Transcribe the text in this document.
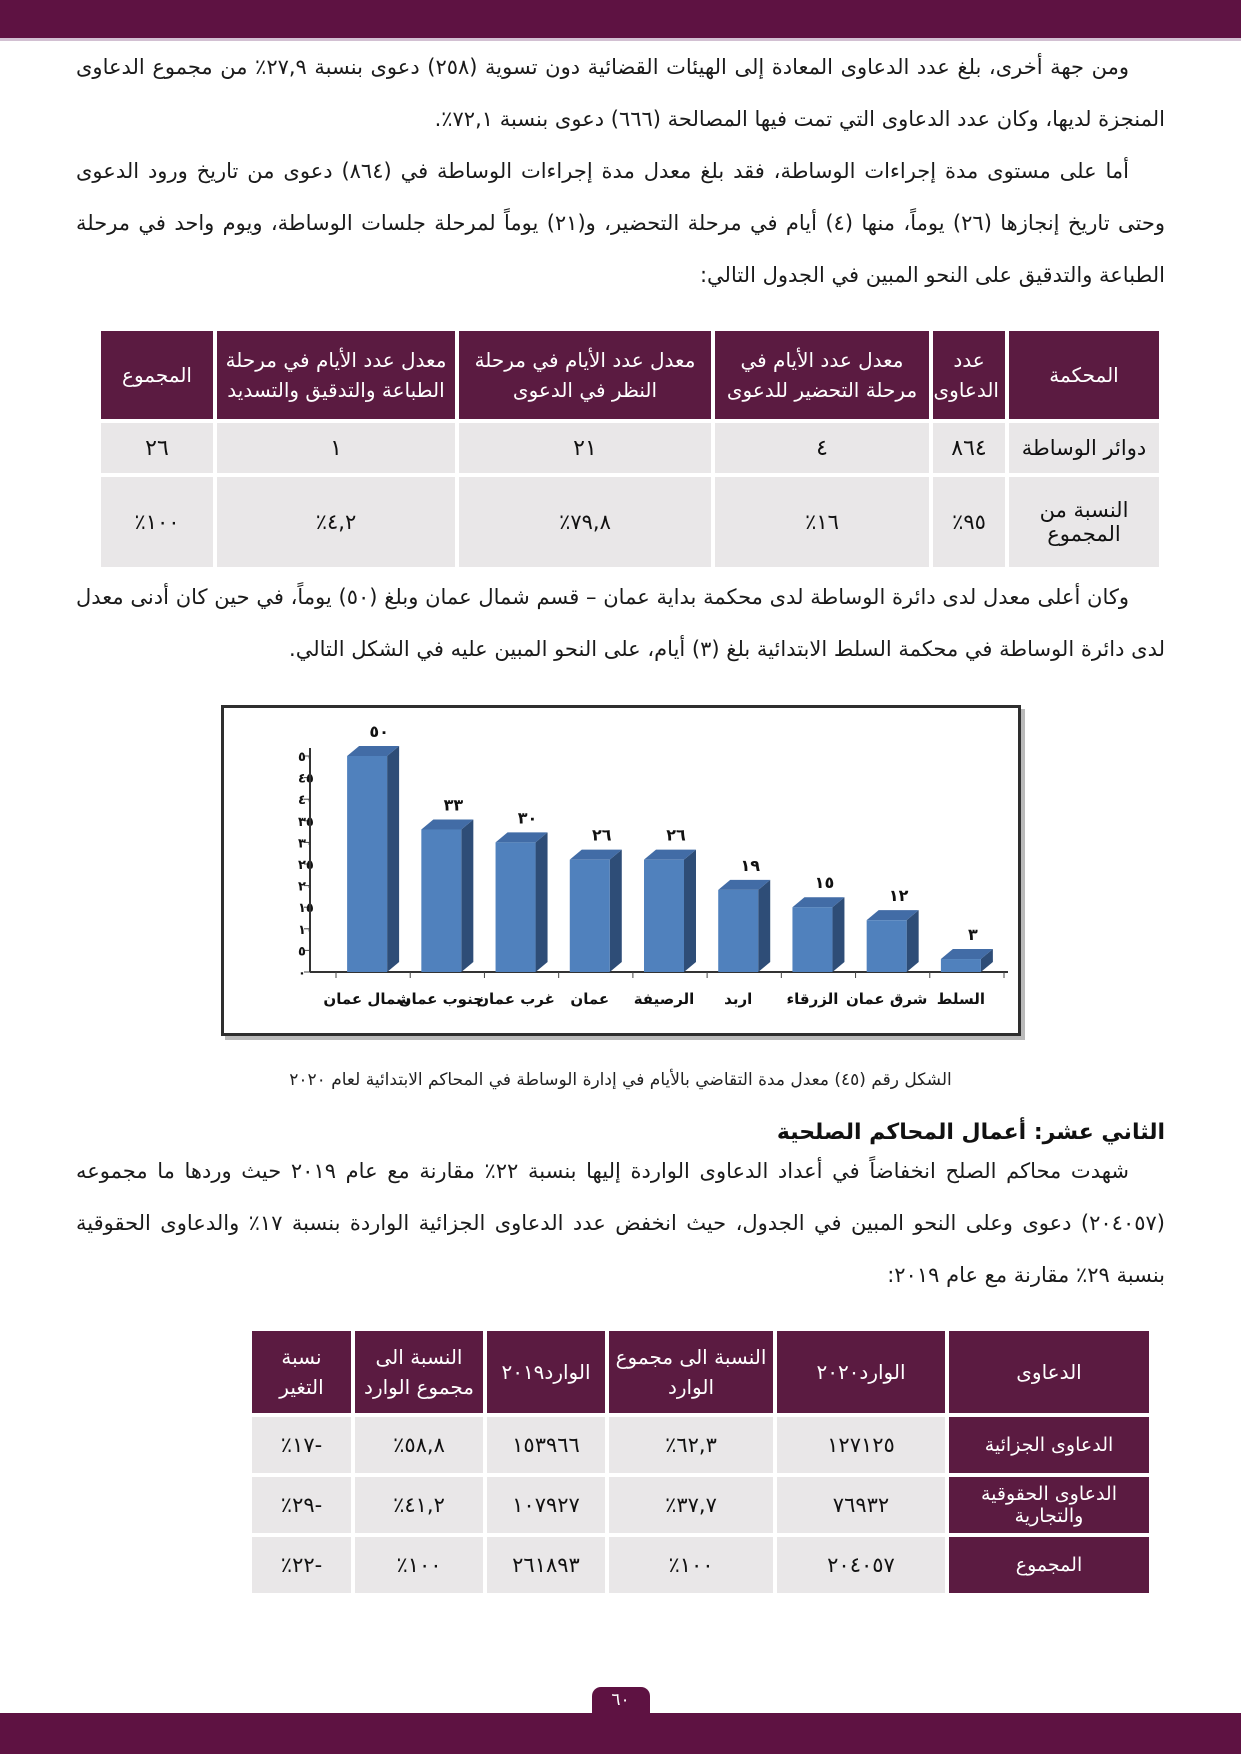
ومن جهة أخرى، بلغ عدد الدعاوى المعادة إلى الهيئات القضائية دون تسوية (٢٥٨) دعوى بنسبة ٢٧,٩٪ من مجموع الدعاوى المنجزة لديها، وكان عدد الدعاوى التي تمت فيها المصالحة (٦٦٦) دعوى بنسبة ٧٢,١٪.

أما على مستوى مدة إجراءات الوساطة، فقد بلغ معدل مدة إجراءات الوساطة في (٨٦٤) دعوى من تاريخ ورود الدعوى وحتى تاريخ إنجازها (٢٦) يوماً، منها (٤) أيام في مرحلة التحضير، و(٢١) يوماً لمرحلة جلسات الوساطة، ويوم واحد في مرحلة الطباعة والتدقيق على النحو المبين في الجدول التالي:

المحكمة	عدد الدعاوى	معدل عدد الأيام في مرحلة التحضير للدعوى	معدل عدد الأيام في مرحلة النظر في الدعوى	معدل عدد الأيام في مرحلة الطباعة والتدقيق والتسديد	المجموع
دوائر الوساطة	٨٦٤	٤	٢١	١	٢٦
النسبة من المجموع	٩٥٪	١٦٪	٧٩,٨٪	٤,٢٪	١٠٠٪

وكان أعلى معدل لدى دائرة الوساطة لدى محكمة بداية عمان – قسم شمال عمان وبلغ (٥٠) يوماً، في حين كان أدنى معدل لدى دائرة الوساطة في محكمة السلط الابتدائية بلغ (٣) أيام، على النحو المبين عليه في الشكل التالي.

٠
٥
١٠
١٥
٢٠
٢٥
٣٠
٣٥
٤٠
٤٥
٥٠
٥٠
شمال عمان
٣٣
جنوب عمان
٣٠
غرب عمان
٢٦
عمان
٢٦
الرصيفة
١٩
اربد
١٥
الزرقاء
١٢
شرق عمان
٣
السلط
الشكل رقم (٤٥) معدل مدة التقاضي بالأيام في إدارة الوساطة في المحاكم الابتدائية لعام ٢٠٢٠
الثاني عشر: أعمال المحاكم الصلحية

شهدت محاكم الصلح انخفاضاً في أعداد الدعاوى الواردة إليها بنسبة ٢٢٪ مقارنة مع عام ٢٠١٩ حيث وردها ما مجموعه (٢٠٤٠٥٧) دعوى وعلى النحو المبين في الجدول، حيث انخفض عدد الدعاوى الجزائية الواردة بنسبة ١٧٪ والدعاوى الحقوقية بنسبة ٢٩٪ مقارنة مع عام ٢٠١٩:

الدعاوى	الوارد٢٠٢٠	النسبة الى مجموع الوارد	الوارد٢٠١٩	النسبة الى مجموع الوارد	نسبة التغير
الدعاوى الجزائية	١٢٧١٢٥	٦٢,٣٪	١٥٣٩٦٦	٥٨,٨٪	-١٧٪
الدعاوى الحقوقية والتجارية	٧٦٩٣٢	٣٧,٧٪	١٠٧٩٢٧	٤١,٢٪	-٢٩٪
المجموع	٢٠٤٠٥٧	١٠٠٪	٢٦١٨٩٣	١٠٠٪	-٢٢٪
٦٠
